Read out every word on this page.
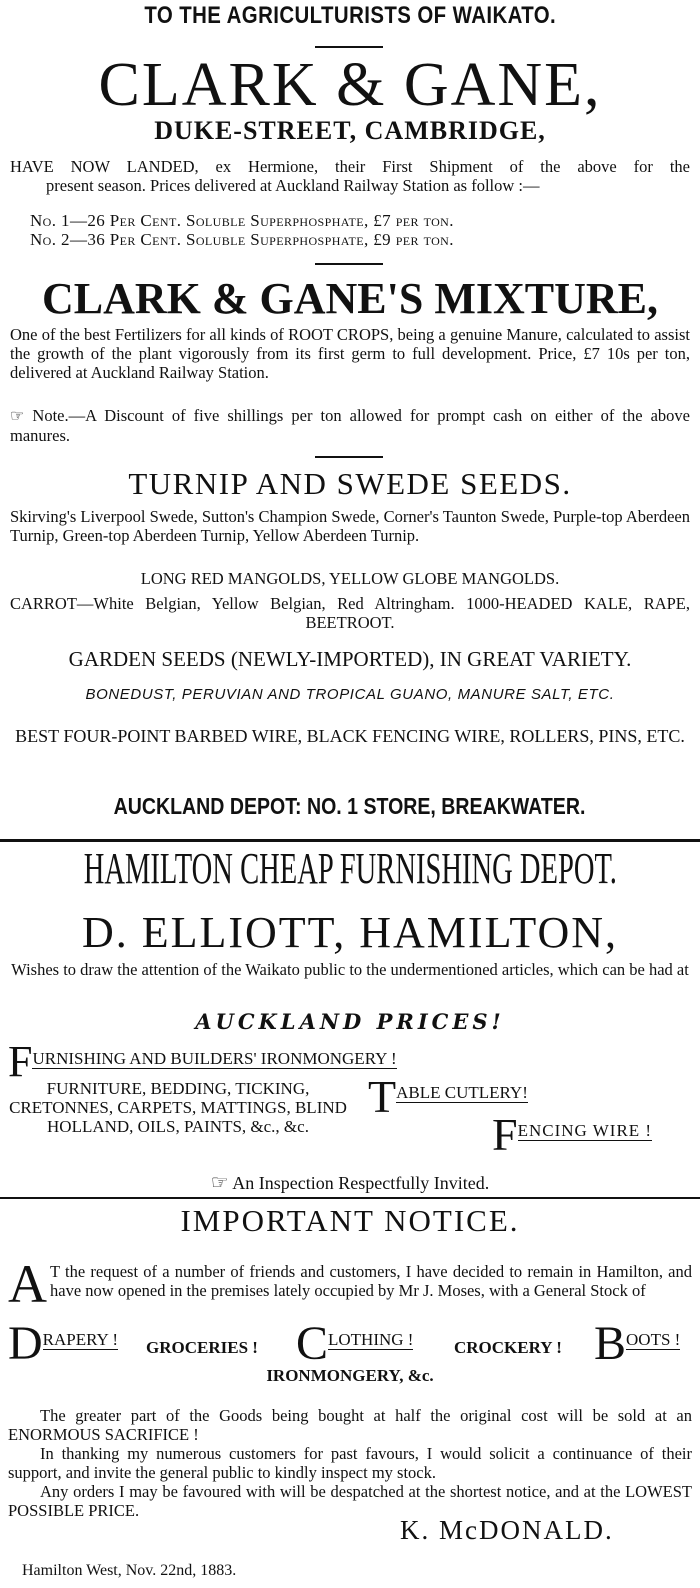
TO THE AGRICULTURISTS OF WAIKATO.
CLARK & GANE,
DUKE-STREET, CAMBRIDGE,
HAVE NOW LANDED, ex Hermione, their First Shipment of the above for the
present season. Prices delivered at Auckland Railway Station as follow :—
No. 1—26 Per Cent. Soluble Superphosphate, £7 per ton.
No. 2—36 Per Cent. Soluble Superphosphate, £9 per ton.
CLARK & GANE'S MIXTURE,
One of the best Fertilizers for all kinds of ROOT CROPS, being a genuine Manure, calculated to assist the growth of the plant vigorously from its first germ to full development. Price, £7 10s per ton, delivered at Auckland Railway Station.
☞ Note.—A Discount of five shillings per ton allowed for prompt cash on either of the above manures.
TURNIP AND SWEDE SEEDS.
Skirving's Liverpool Swede, Sutton's Champion Swede, Corner's Taunton Swede, Purple-top Aberdeen Turnip, Green-top Aberdeen Turnip, Yellow Aberdeen Turnip.
LONG RED MANGOLDS, YELLOW GLOBE MANGOLDS.
CARROT—White Belgian, Yellow Belgian, Red Altringham. 1000-HEADED KALE, RAPE, BEETROOT.
GARDEN SEEDS (NEWLY-IMPORTED), IN GREAT VARIETY.
BONEDUST, PERUVIAN AND TROPICAL GUANO, MANURE SALT, ETC.
BEST FOUR-POINT BARBED WIRE, BLACK FENCING WIRE, ROLLERS, PINS, ETC.
AUCKLAND DEPOT: NO. 1 STORE, BREAKWATER.
HAMILTON CHEAP FURNISHING DEPOT.
D. ELLIOTT, HAMILTON,
Wishes to draw the attention of the Waikato public to the undermentioned articles, which can be had at
AUCKLAND PRICES!
FURNISHING AND BUILDERS' IRONMONGERY !
FURNITURE, BEDDING, TICKING, CRETONNES, CARPETS, MATTINGS, BLIND HOLLAND, OILS, PAINTS, &c., &c.
TABLE CUTLERY!
FENCING WIRE !
☞ An Inspection Respectfully Invited.
IMPORTANT NOTICE.
A T the request of a number of friends and customers, I have decided to remain in Hamilton, and have now opened in the premises lately occupied by Mr J. Moses, with a General Stock of
DRAPERY ! GROCERIES ! CLOTHING ! CROCKERY ! BOOTS !
IRONMONGERY, &c.
The greater part of the Goods being bought at half the original cost will be sold at an ENORMOUS SACRIFICE !
In thanking my numerous customers for past favours, I would solicit a continuance of their support, and invite the general public to kindly inspect my stock.
Any orders I may be favoured with will be despatched at the shortest notice, and at the LOWEST POSSIBLE PRICE.
K. McDONALD.
Hamilton West, Nov. 22nd, 1883.
